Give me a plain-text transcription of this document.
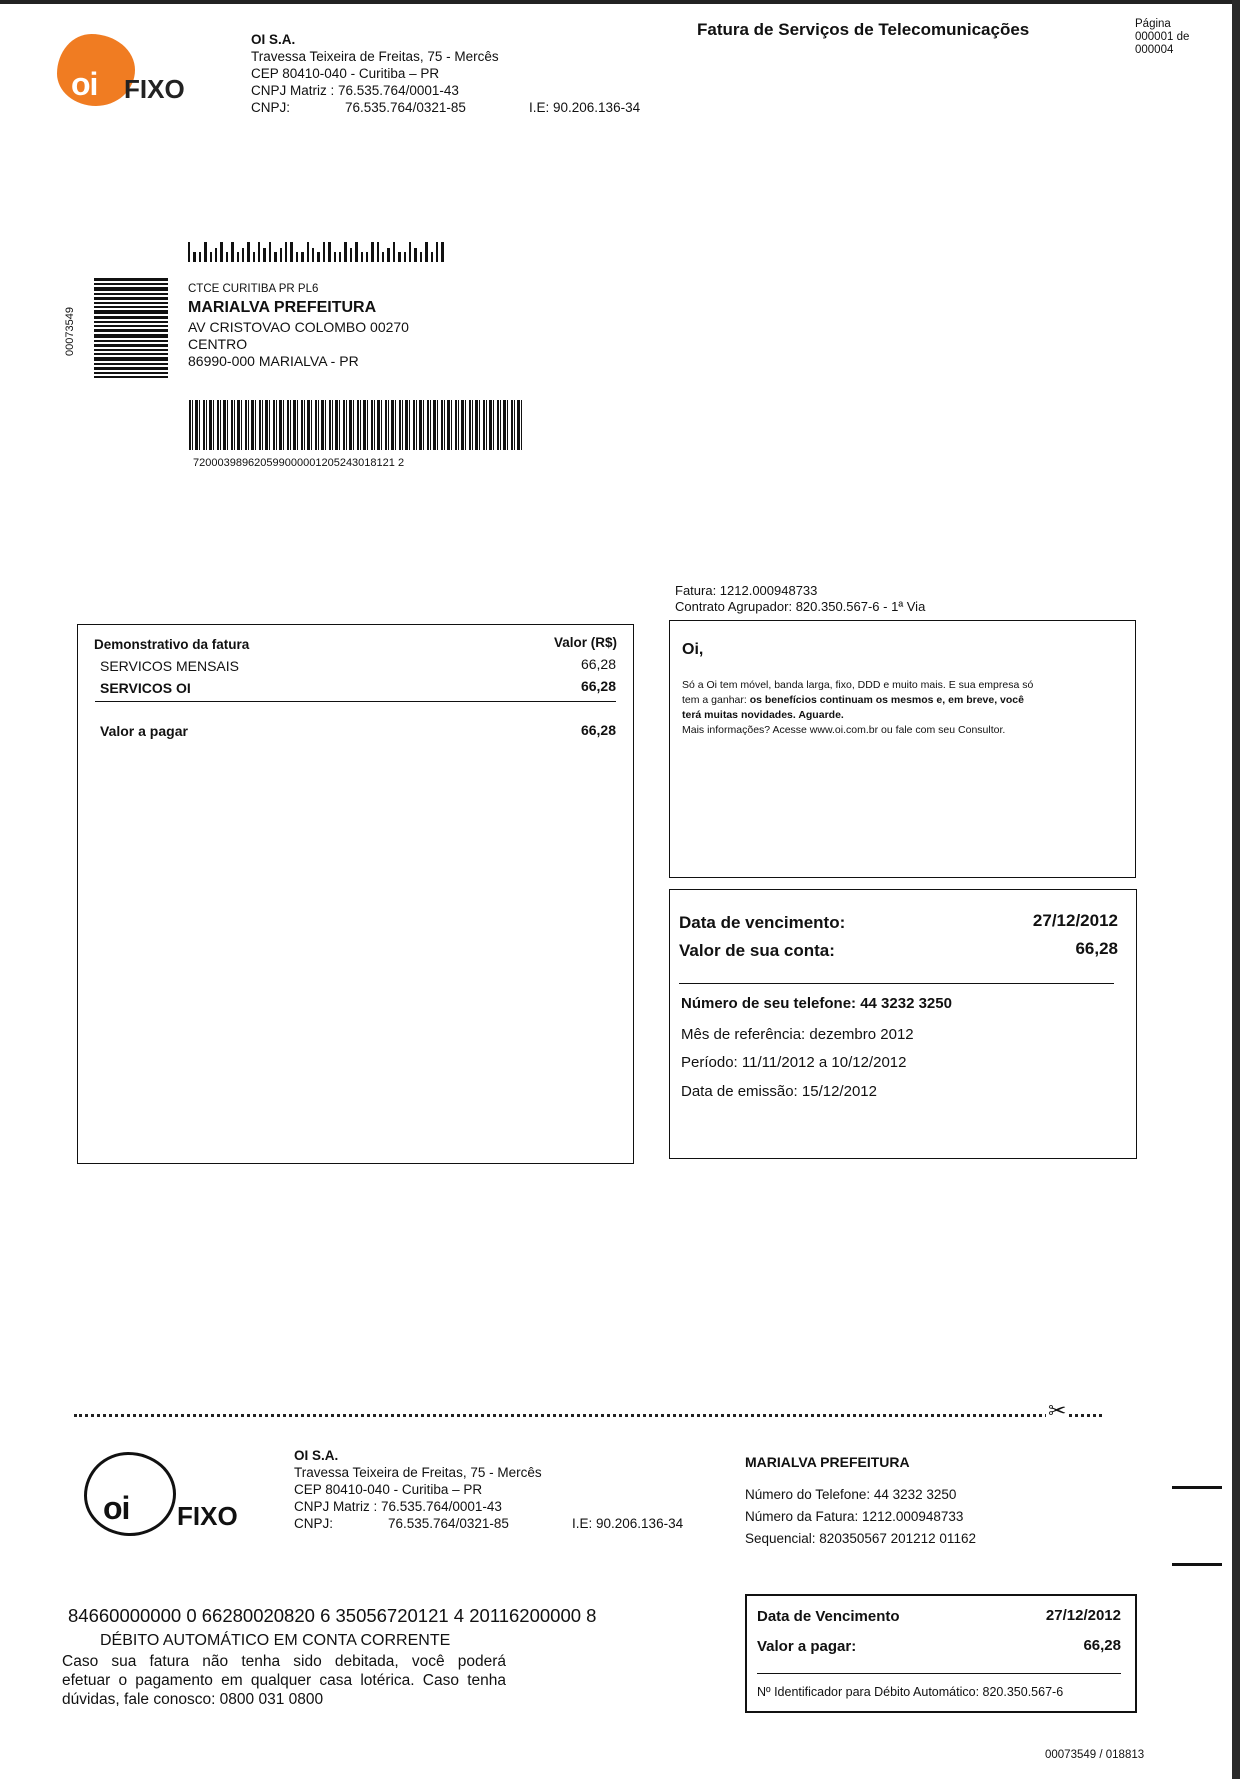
oi FIXO
OI S.A.
Travessa Teixeira de Freitas, 75 - Mercês
CEP 80410-040 - Curitiba – PR
CNPJ Matriz : 76.535.764/0001-43
CNPJ:	76.535.764/0321-85	I.E: 90.206.136-34
Fatura de Serviços de Telecomunicações	Página
000001 de
000004
00073549
CTCE CURITIBA PR PL6
MARIALVA PREFEITURA
AV CRISTOVAO COLOMBO 00270
CENTRO
86990-000 MARIALVA - PR
720003989620599000001205243018121 2
Fatura: 1212.000948733
Contrato Agrupador: 820.350.567-6 - 1ª Via
Demonstrativo da fatura	Valor (R$)
SERVICOS MENSAIS	66,28
SERVICOS OI	66,28
Valor a pagar	66,28
Oi,
Só a Oi tem móvel, banda larga, fixo, DDD e muito mais. E sua empresa só
tem a ganhar: os benefícios continuam os mesmos e, em breve, você
terá muitas novidades. Aguarde.
Mais informações? Acesse www.oi.com.br ou fale com seu Consultor.
Data de vencimento:	27/12/2012
Valor de sua conta:	66,28
Número de seu telefone: 44 3232 3250
Mês de referência: dezembro 2012
Período: 11/11/2012 a 10/12/2012
Data de emissão: 15/12/2012
✂
oi FIXO
OI S.A.
Travessa Teixeira de Freitas, 75 - Mercês
CEP 80410-040 - Curitiba – PR
CNPJ Matriz : 76.535.764/0001-43
CNPJ:	76.535.764/0321-85	I.E: 90.206.136-34
MARIALVA PREFEITURA
Número do Telefone: 44 3232 3250
Número da Fatura: 1212.000948733
Sequencial: 820350567 201212 01162
84660000000 0 66280020820 6 35056720121 4 20116200000 8
DÉBITO AUTOMÁTICO EM CONTA CORRENTE
Caso sua fatura não tenha sido debitada, você poderá
efetuar o pagamento em qualquer casa lotérica. Caso tenha
dúvidas, fale conosco: 0800 031 0800
Data de Vencimento	27/12/2012
Valor a pagar:	66,28
Nº Identificador para Débito Automático: 820.350.567-6
00073549 / 018813
